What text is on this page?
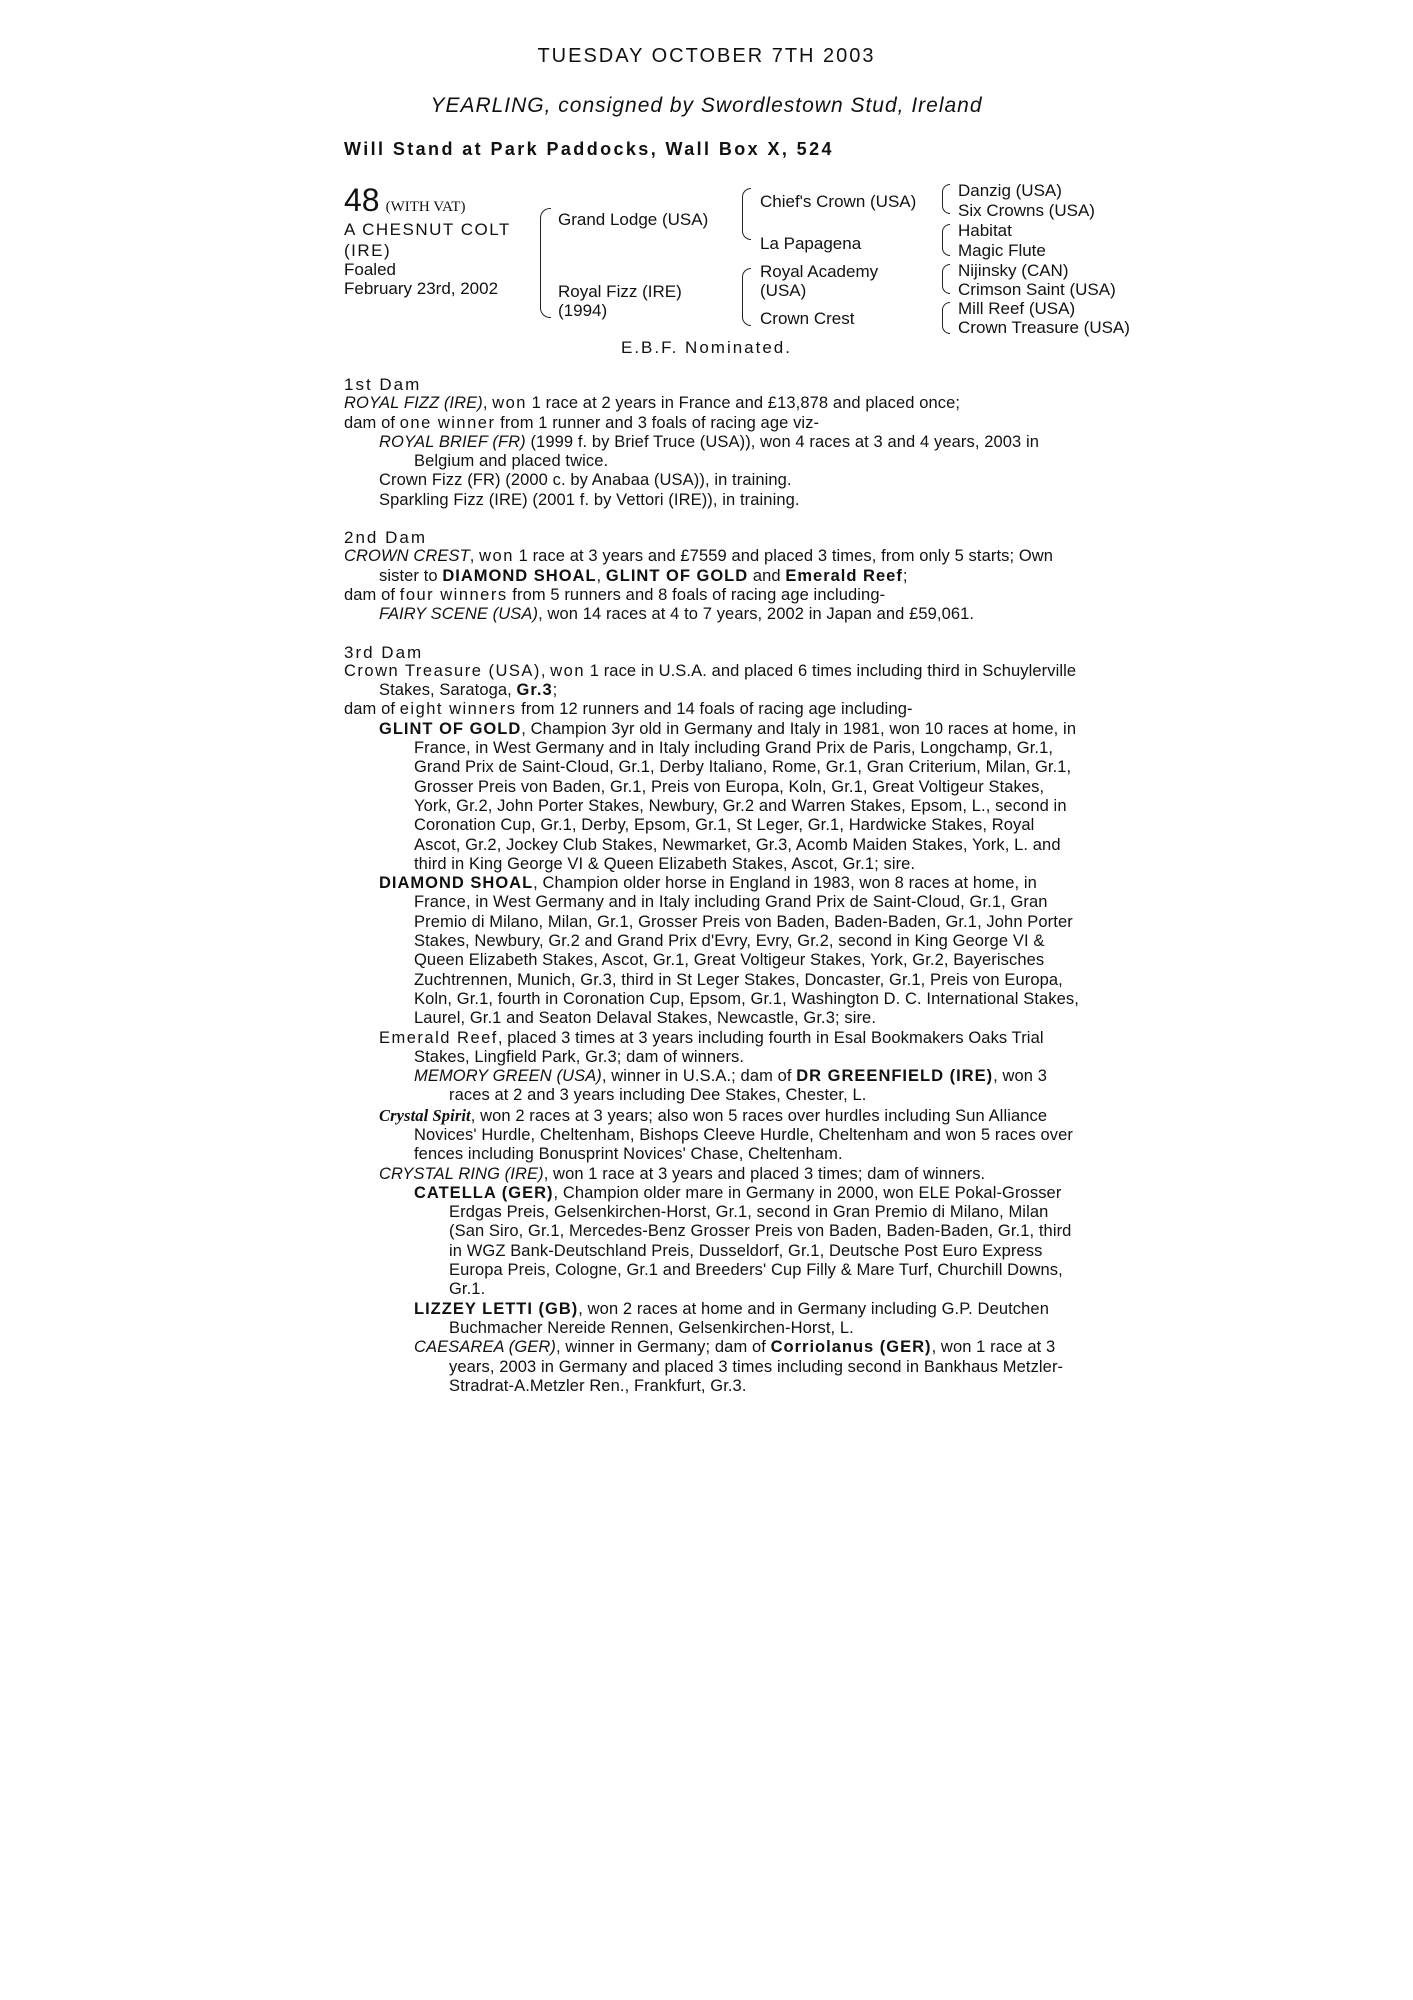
TUESDAY OCTOBER 7TH 2003
YEARLING, consigned by Swordlestown Stud, Ireland
Will Stand at Park Paddocks, Wall Box X, 524
48 (WITH VAT)
A CHESNUT COLT
(IRE)
Foaled
February 23rd, 2002
Grand Lodge (USA)
Royal Fizz (IRE)
(1994)
Chief's Crown (USA)
La Papagena
Royal Academy
(USA)
Crown Crest
Danzig (USA)
Six Crowns (USA)
Habitat
Magic Flute
Nijinsky (CAN)
Crimson Saint (USA)
Mill Reef (USA)
Crown Treasure (USA)
E.B.F. Nominated.

1st Dam

ROYAL FIZZ (IRE), won 1 race at 2 years in France and £13,878 and placed once;

dam of one winner from 1 runner and 3 foals of racing age viz-

ROYAL BRIEF (FR) (1999 f. by Brief Truce (USA)), won 4 races at 3 and 4 years, 2003 in Belgium and placed twice.

Crown Fizz (FR) (2000 c. by Anabaa (USA)), in training.

Sparkling Fizz (IRE) (2001 f. by Vettori (IRE)), in training.

2nd Dam

CROWN CREST, won 1 race at 3 years and £7559 and placed 3 times, from only 5 starts; Own sister to DIAMOND SHOAL, GLINT OF GOLD and Emerald Reef;

dam of four winners from 5 runners and 8 foals of racing age including-

FAIRY SCENE (USA), won 14 races at 4 to 7 years, 2002 in Japan and £59,061.

3rd Dam

Crown Treasure (USA), won 1 race in U.S.A. and placed 6 times including third in Schuylerville Stakes, Saratoga, Gr.3;

dam of eight winners from 12 runners and 14 foals of racing age including-

GLINT OF GOLD, Champion 3yr old in Germany and Italy in 1981, won 10 races at home, in France, in West Germany and in Italy including Grand Prix de Paris, Longchamp, Gr.1, Grand Prix de Saint-Cloud, Gr.1, Derby Italiano, Rome, Gr.1, Gran Criterium, Milan, Gr.1, Grosser Preis von Baden, Gr.1, Preis von Europa, Koln, Gr.1, Great Voltigeur Stakes, York, Gr.2, John Porter Stakes, Newbury, Gr.2 and Warren Stakes, Epsom, L., second in Coronation Cup, Gr.1, Derby, Epsom, Gr.1, St Leger, Gr.1, Hardwicke Stakes, Royal Ascot, Gr.2, Jockey Club Stakes, Newmarket, Gr.3, Acomb Maiden Stakes, York, L. and third in King George VI & Queen Elizabeth Stakes, Ascot, Gr.1; sire.

DIAMOND SHOAL, Champion older horse in England in 1983, won 8 races at home, in France, in West Germany and in Italy including Grand Prix de Saint-Cloud, Gr.1, Gran Premio di Milano, Milan, Gr.1, Grosser Preis von Baden, Baden-Baden, Gr.1, John Porter Stakes, Newbury, Gr.2 and Grand Prix d'Evry, Evry, Gr.2, second in King George VI & Queen Elizabeth Stakes, Ascot, Gr.1, Great Voltigeur Stakes, York, Gr.2, Bayerisches Zuchtrennen, Munich, Gr.3, third in St Leger Stakes, Doncaster, Gr.1, Preis von Europa, Koln, Gr.1, fourth in Coronation Cup, Epsom, Gr.1, Washington D. C. International Stakes, Laurel, Gr.1 and Seaton Delaval Stakes, Newcastle, Gr.3; sire.

Emerald Reef, placed 3 times at 3 years including fourth in Esal Bookmakers Oaks Trial Stakes, Lingfield Park, Gr.3; dam of winners.

MEMORY GREEN (USA), winner in U.S.A.; dam of DR GREENFIELD (IRE), won 3 races at 2 and 3 years including Dee Stakes, Chester, L.

Crystal Spirit, won 2 races at 3 years; also won 5 races over hurdles including Sun Alliance Novices' Hurdle, Cheltenham, Bishops Cleeve Hurdle, Cheltenham and won 5 races over fences including Bonusprint Novices' Chase, Cheltenham.

CRYSTAL RING (IRE), won 1 race at 3 years and placed 3 times; dam of winners.

CATELLA (GER), Champion older mare in Germany in 2000, won ELE Pokal-Grosser Erdgas Preis, Gelsenkirchen-Horst, Gr.1, second in Gran Premio di Milano, Milan (San Siro, Gr.1, Mercedes-Benz Grosser Preis von Baden, Baden-Baden, Gr.1, third in WGZ Bank-Deutschland Preis, Dusseldorf, Gr.1, Deutsche Post Euro Express Europa Preis, Cologne, Gr.1 and Breeders' Cup Filly & Mare Turf, Churchill Downs, Gr.1.

LIZZEY LETTI (GB), won 2 races at home and in Germany including G.P. Deutchen Buchmacher Nereide Rennen, Gelsenkirchen-Horst, L.

CAESAREA (GER), winner in Germany; dam of Corriolanus (GER), won 1 race at 3 years, 2003 in Germany and placed 3 times including second in Bankhaus Metzler-Stradrat-A.Metzler Ren., Frankfurt, Gr.3.
